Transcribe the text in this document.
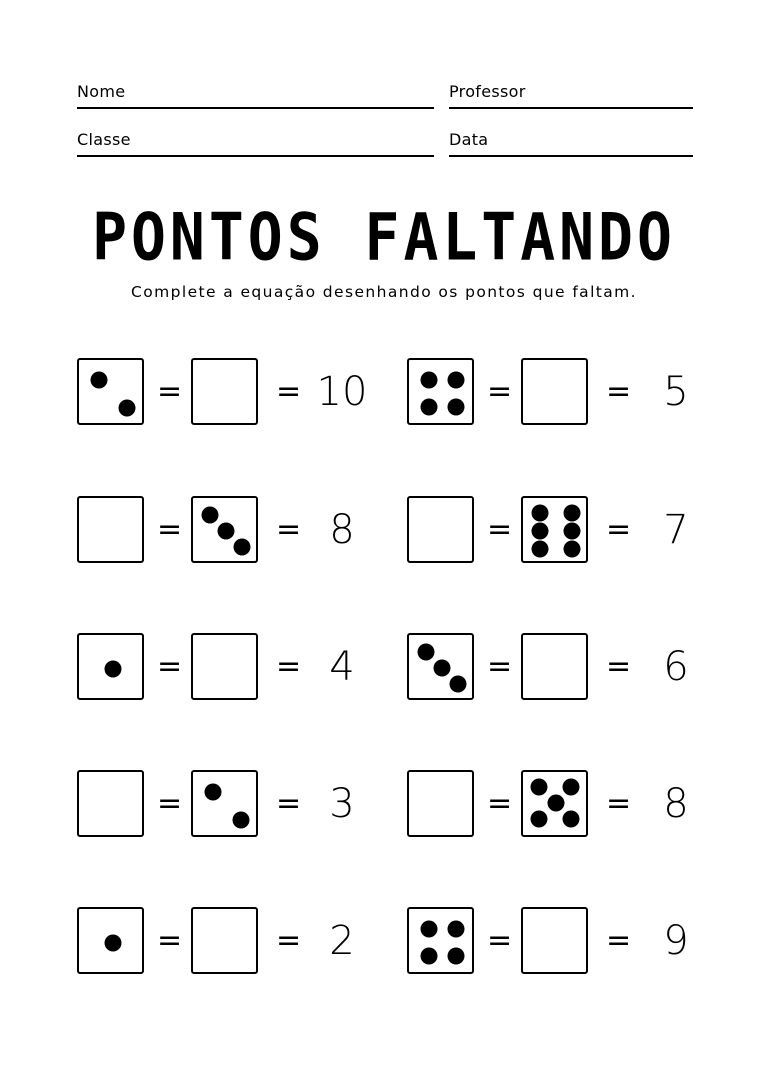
Nome	Professor
Classe	Data
PONTOS FALTANDO
Complete a equação desenhando os pontos que faltam.
=	= 10	=	= 5
=	= 8	=	= 7
=	= 4	=	= 6
=	= 3	=	= 8
=	= 2	=	= 9
